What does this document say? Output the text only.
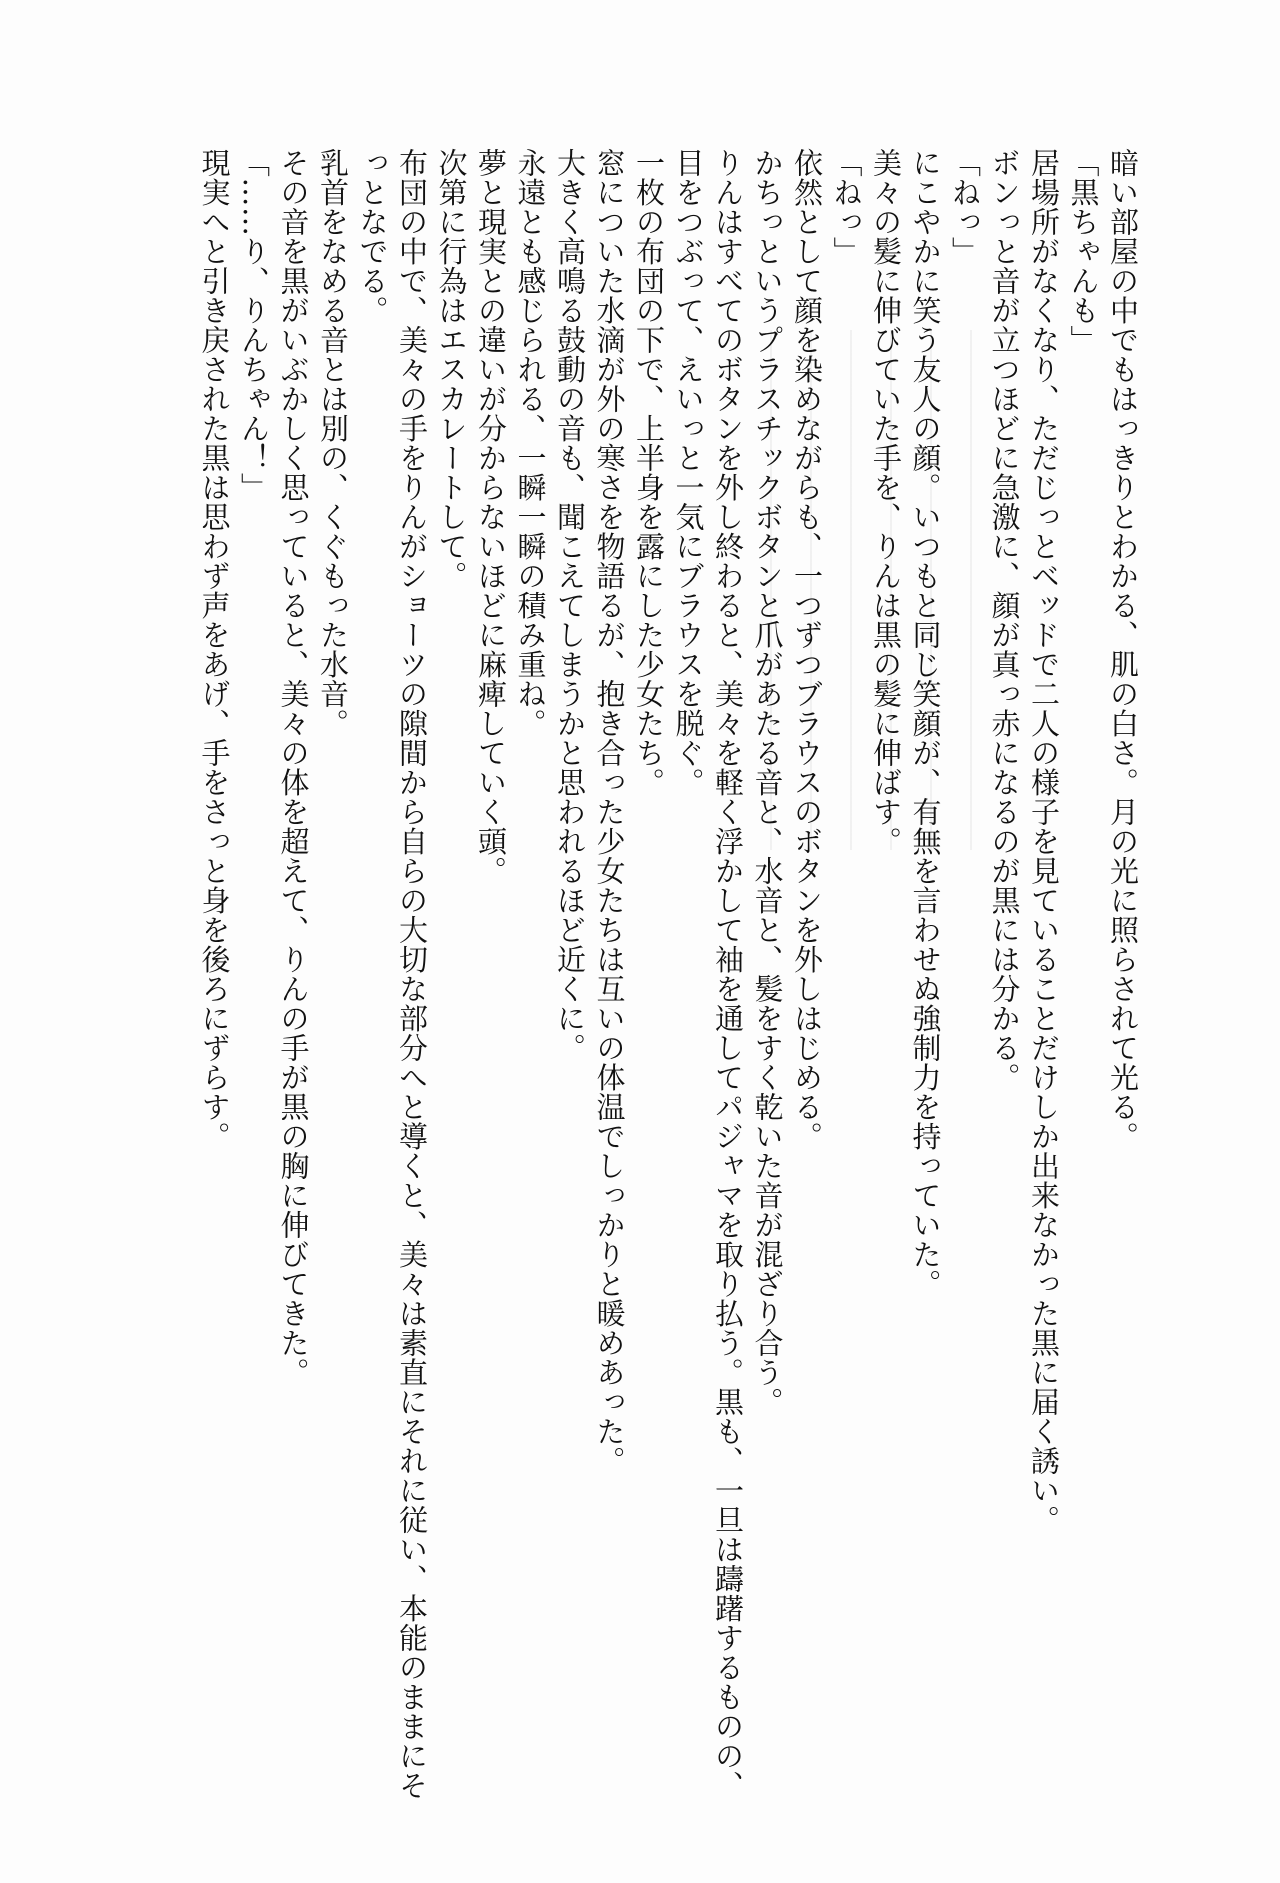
暗い部屋の中でもはっきりとわかる、肌の白さ。月の光に照らされて光る。

「黒ちゃんも」

居場所がなくなり、ただじっとベッドで二人の様子を見ていることだけしか出来なかった黒に届く誘い。

ボンっと音が立つほどに急激に、顔が真っ赤になるのが黒には分かる。

「ねっ」

にこやかに笑う友人の顔。いつもと同じ笑顔が、有無を言わせぬ強制力を持っていた。

美々の髪に伸びていた手を、りんは黒の髪に伸ばす。

「ねっ」

依然として顔を染めながらも、一つずつブラウスのボタンを外しはじめる。

かちっというプラスチックボタンと爪があたる音と、水音と、髪をすく乾いた音が混ざり合う。

りんはすべてのボタンを外し終わると、美々を軽く浮かして袖を通してパジャマを取り払う。黒も、一旦は躊躇するものの、目をつぶって、えいっと一気にブラウスを脱ぐ。

一枚の布団の下で、上半身を露にした少女たち。

窓についた水滴が外の寒さを物語るが、抱き合った少女たちは互いの体温でしっかりと暖めあった。

大きく高鳴る鼓動の音も、聞こえてしまうかと思われるほど近くに。

永遠とも感じられる、一瞬一瞬の積み重ね。

夢と現実との違いが分からないほどに麻痺していく頭。

次第に行為はエスカレートして。

布団の中で、美々の手をりんがショーツの隙間から自らの大切な部分へと導くと、美々は素直にそれに従い、本能のままにそっとなでる。

乳首をなめる音とは別の、くぐもった水音。

その音を黒がいぶかしく思っていると、美々の体を超えて、りんの手が黒の胸に伸びてきた。

「……り、りんちゃん！」

現実へと引き戻された黒は思わず声をあげ、手をさっと身を後ろにずらす。
